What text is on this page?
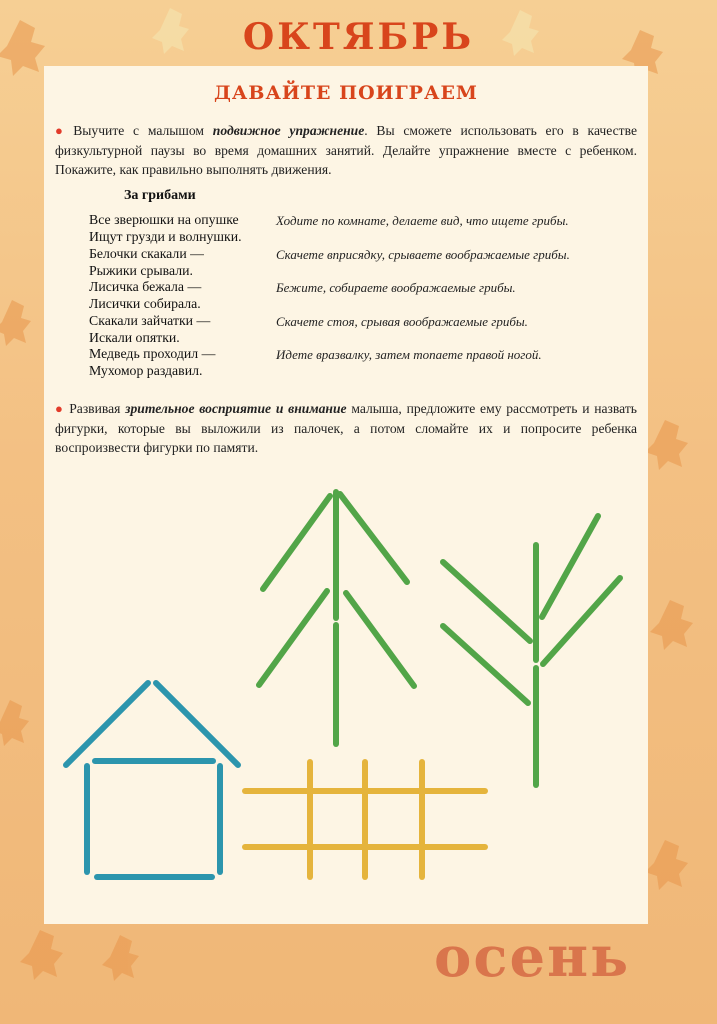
ОКТЯБРЬ
ДАВАЙТЕ ПОИГРАЕМ
● Выучите с малышом подвижное упражнение. Вы сможете использовать его в качестве физкультурной паузы во время домашних занятий. Делайте упражнение вместе с ребенком. Покажите, как правильно выполнять движения.
За грибами
Все зверюшки на опушке
Ищут грузди и волнушки.
Ходите по комнате, делаете вид, что ищете грибы.
Белочки скакали —
Рыжики срывали.
Скачете вприсядку, срываете воображаемые грибы.
Лисичка бежала —
Лисички собирала.
Бежите, собираете воображаемые грибы.
Скакали зайчатки —
Искали опятки.
Скачете стоя, срывая воображаемые грибы.
Медведь проходил —
Мухомор раздавил.
Идете вразвалку, затем топаете правой ногой.
● Развивая зрительное восприятие и внимание малыша, предложите ему рассмотреть и назвать фигурки, которые вы выложили из палочек, а потом сломайте их и попросите ребенка воспроизвести фигурки по памяти.
осень
